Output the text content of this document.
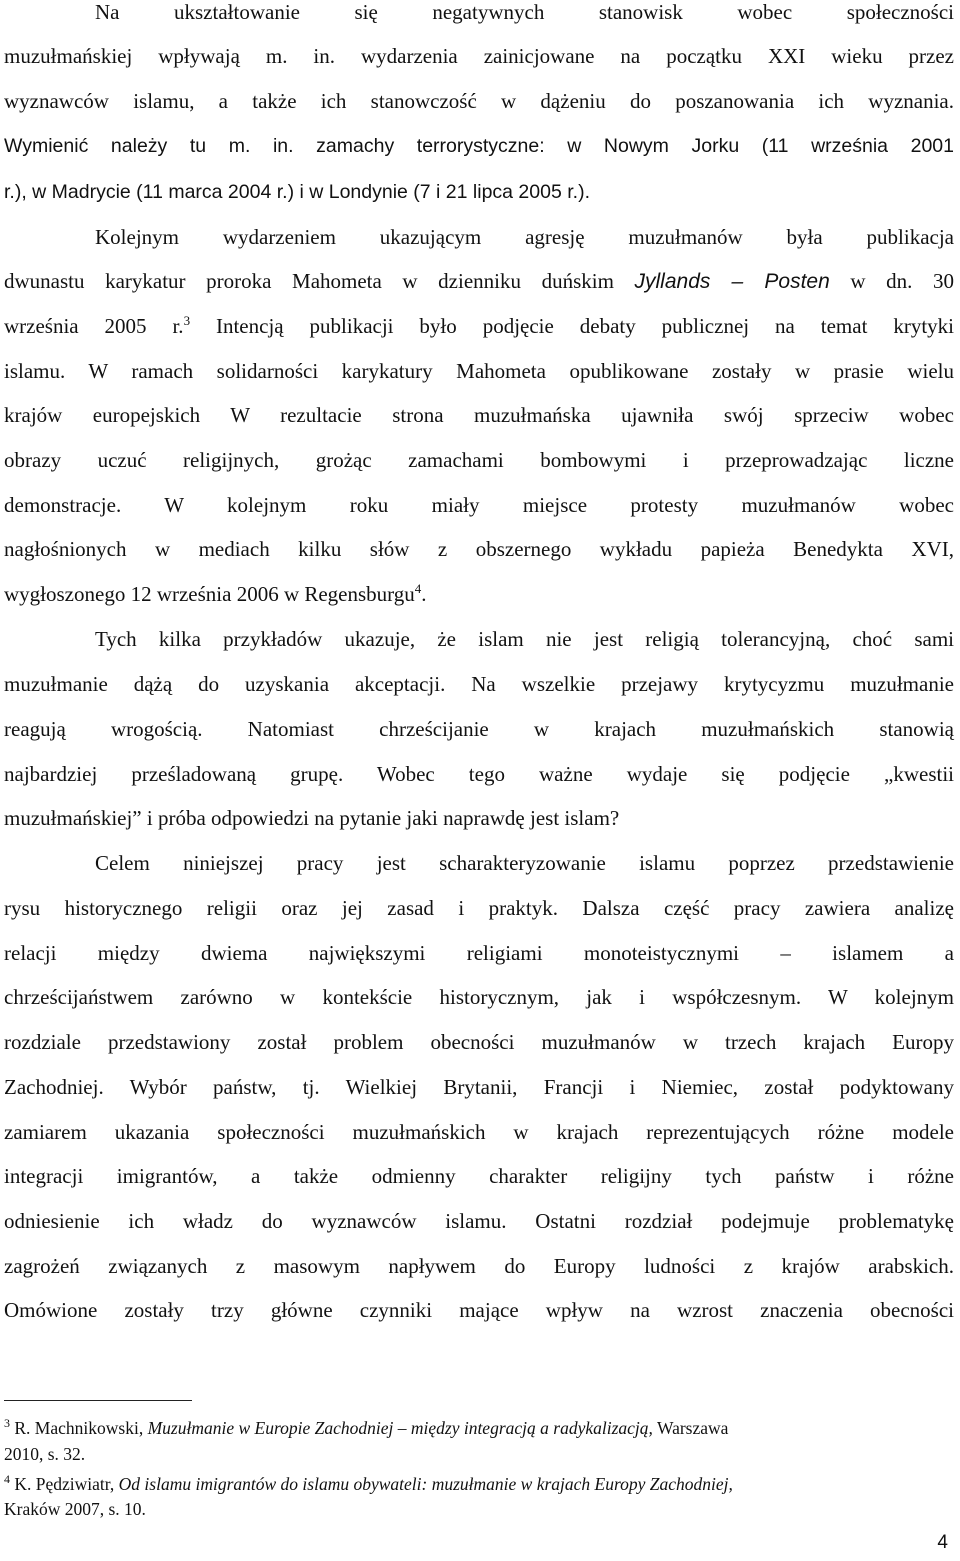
Na ukształtowanie się negatywnych stanowisk wobec społeczności
muzułmańskiej wpływają m. in. wydarzenia zainicjowane na początku XXI wieku przez
wyznawców islamu, a także ich stanowczość w dążeniu do poszanowania ich wyznania.
Wymienić należy tu m. in. zamachy terrorystyczne: w Nowym Jorku (11 września 2001
r.), w Madrycie (11 marca 2004 r.) i w Londynie (7 i 21 lipca 2005 r.).
Kolejnym wydarzeniem ukazującym agresję muzułmanów była publikacja
dwunastu karykatur proroka Mahometa w dzienniku duńskim Jyllands – Posten w dn. 30
września 2005 r.$^3$ Intencją publikacji było podjęcie debaty publicznej na temat krytyki
islamu. W ramach solidarności karykatury Mahometa opublikowane zostały w prasie wielu
krajów europejskich W rezultacie strona muzułmańska ujawniła swój sprzeciw wobec
obrazy uczuć religijnych, grożąc zamachami bombowymi i przeprowadzając liczne
demonstracje. W kolejnym roku miały miejsce protesty muzułmanów wobec
nagłośnionych w mediach kilku słów z obszernego wykładu papieża Benedykta XVI,
wygłoszonego 12 września 2006 w Regensburgu$^4$.
Tych kilka przykładów ukazuje, że islam nie jest religią tolerancyjną, choć sami
muzułmanie dążą do uzyskania akceptacji. Na wszelkie przejawy krytycyzmu muzułmanie
reagują wrogością. Natomiast chrześcijanie w krajach muzułmańskich stanowią
najbardziej prześladowaną grupę. Wobec tego ważne wydaje się podjęcie „kwestii
muzułmańskiej” i próba odpowiedzi na pytanie jaki naprawdę jest islam?
Celem niniejszej pracy jest scharakteryzowanie islamu poprzez przedstawienie
rysu historycznego religii oraz jej zasad i praktyk. Dalsza część pracy zawiera analizę
relacji między dwiema największymi religiami monoteistycznymi – islamem a
chrześcijaństwem zarówno w kontekście historycznym, jak i współczesnym. W kolejnym
rozdziale przedstawiony został problem obecności muzułmanów w trzech krajach Europy
Zachodniej. Wybór państw, tj. Wielkiej Brytanii, Francji i Niemiec, został podyktowany
zamiarem ukazania społeczności muzułmańskich w krajach reprezentujących różne modele
integracji imigrantów, a także odmienny charakter religijny tych państw i różne
odniesienie ich władz do wyznawców islamu. Ostatni rozdział podejmuje problematykę
zagrożeń związanych z masowym napływem do Europy ludności z krajów arabskich.
Omówione zostały trzy główne czynniki mające wpływ na wzrost znaczenia obecności
$^3$ R. Machnikowski, Muzułmanie w Europie Zachodniej – między integracją a radykalizacją, Warszawa
2010, s. 32.
$^4$ K. Pędziwiatr, Od islamu imigrantów do islamu obywateli: muzułmanie w krajach Europy Zachodniej,
Kraków 2007, s. 10.
4
